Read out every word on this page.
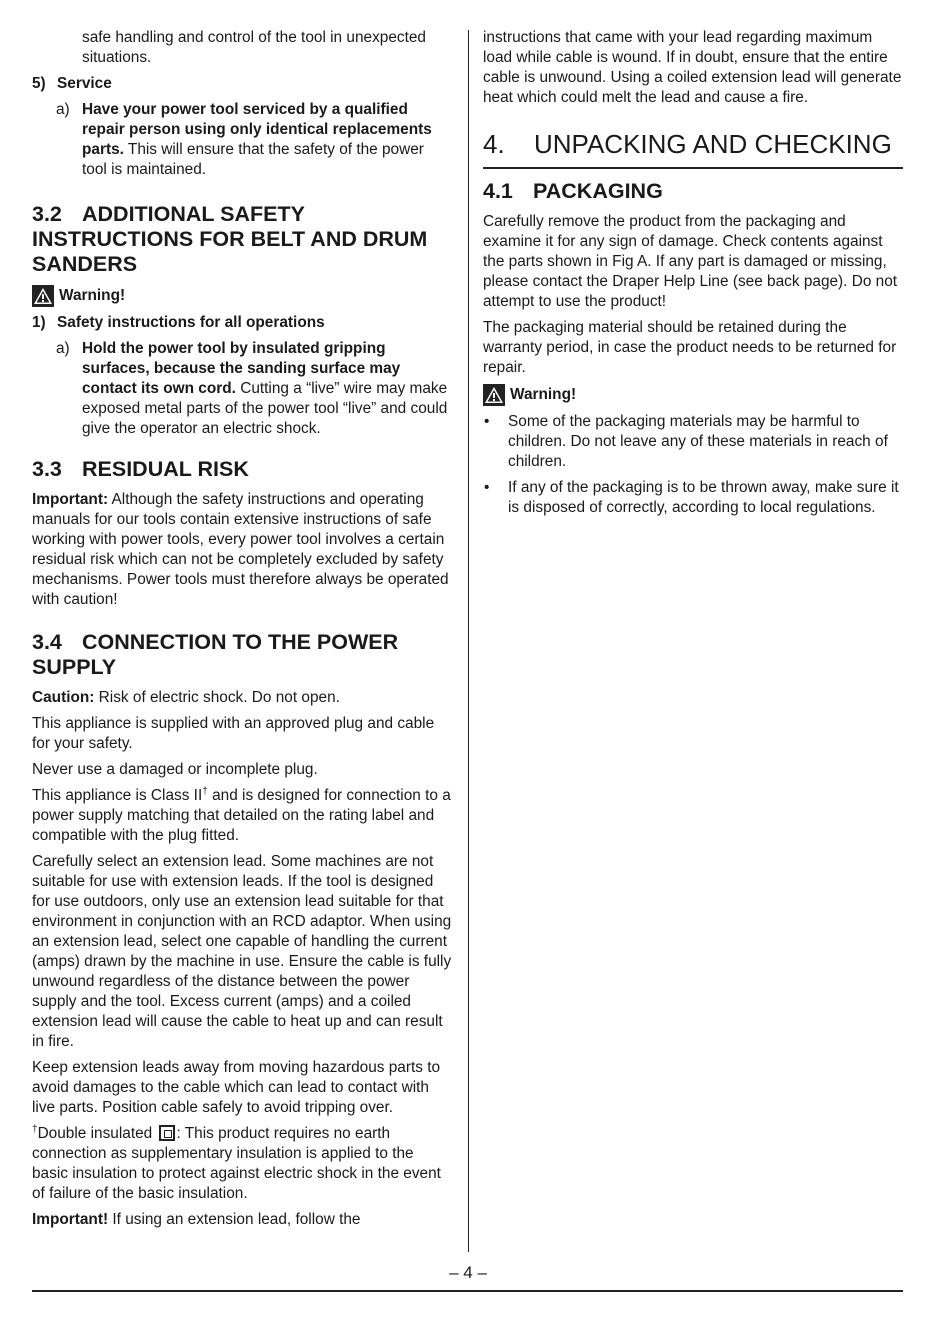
safe handling and control of the tool in unexpected situations.

5) Service
a) Have your power tool serviced by a qualified repair person using only identical replacements parts. This will ensure that the safety of the power tool is maintained.
3.2 ADDITIONAL SAFETY INSTRUCTIONS FOR BELT AND DRUM SANDERS
Warning!
1) Safety instructions for all operations
a) Hold the power tool by insulated gripping surfaces, because the sanding surface may contact its own cord. Cutting a “live” wire may make exposed metal parts of the power tool “live” and could give the operator an electric shock.
3.3 RESIDUAL RISK

Important: Although the safety instructions and operating manuals for our tools contain extensive instructions of safe working with power tools, every power tool involves a certain residual risk which can not be completely excluded by safety mechanisms. Power tools must therefore always be operated with caution!

3.4 CONNECTION TO THE POWER SUPPLY

Caution: Risk of electric shock. Do not open.

This appliance is supplied with an approved plug and cable for your safety.

Never use a damaged or incomplete plug.

This appliance is Class II† and is designed for connection to a power supply matching that detailed on the rating label and compatible with the plug fitted.

Carefully select an extension lead. Some machines are not suitable for use with extension leads. If the tool is designed for use outdoors, only use an extension lead suitable for that environment in conjunction with an RCD adaptor. When using an extension lead, select one capable of handling the current (amps) drawn by the machine in use. Ensure the cable is fully unwound regardless of the distance between the power supply and the tool. Excess current (amps) and a coiled extension lead will cause the cable to heat up and can result in fire.

Keep extension leads away from moving hazardous parts to avoid damages to the cable which can lead to contact with live parts. Position cable safely to avoid tripping over.

†Double insulated : This product requires no earth connection as supplementary insulation is applied to the basic insulation to protect against electric shock in the event of failure of the basic insulation.

Important! If using an extension lead, follow the

instructions that came with your lead regarding maximum load while cable is wound. If in doubt, ensure that the entire cable is unwound. Using a coiled extension lead will generate heat which could melt the lead and cause a fire.

4. UNPACKING AND CHECKING
4.1 PACKAGING

Carefully remove the product from the packaging and examine it for any sign of damage. Check contents against the parts shown in Fig A. If any part is damaged or missing, please contact the Draper Help Line (see back page). Do not attempt to use the product!

The packaging material should be retained during the warranty period, in case the product needs to be returned for repair.

Warning!
• Some of the packaging materials may be harmful to children. Do not leave any of these materials in reach of children.
• If any of the packaging is to be thrown away, make sure it is disposed of correctly, according to local regulations.
– 4 –
